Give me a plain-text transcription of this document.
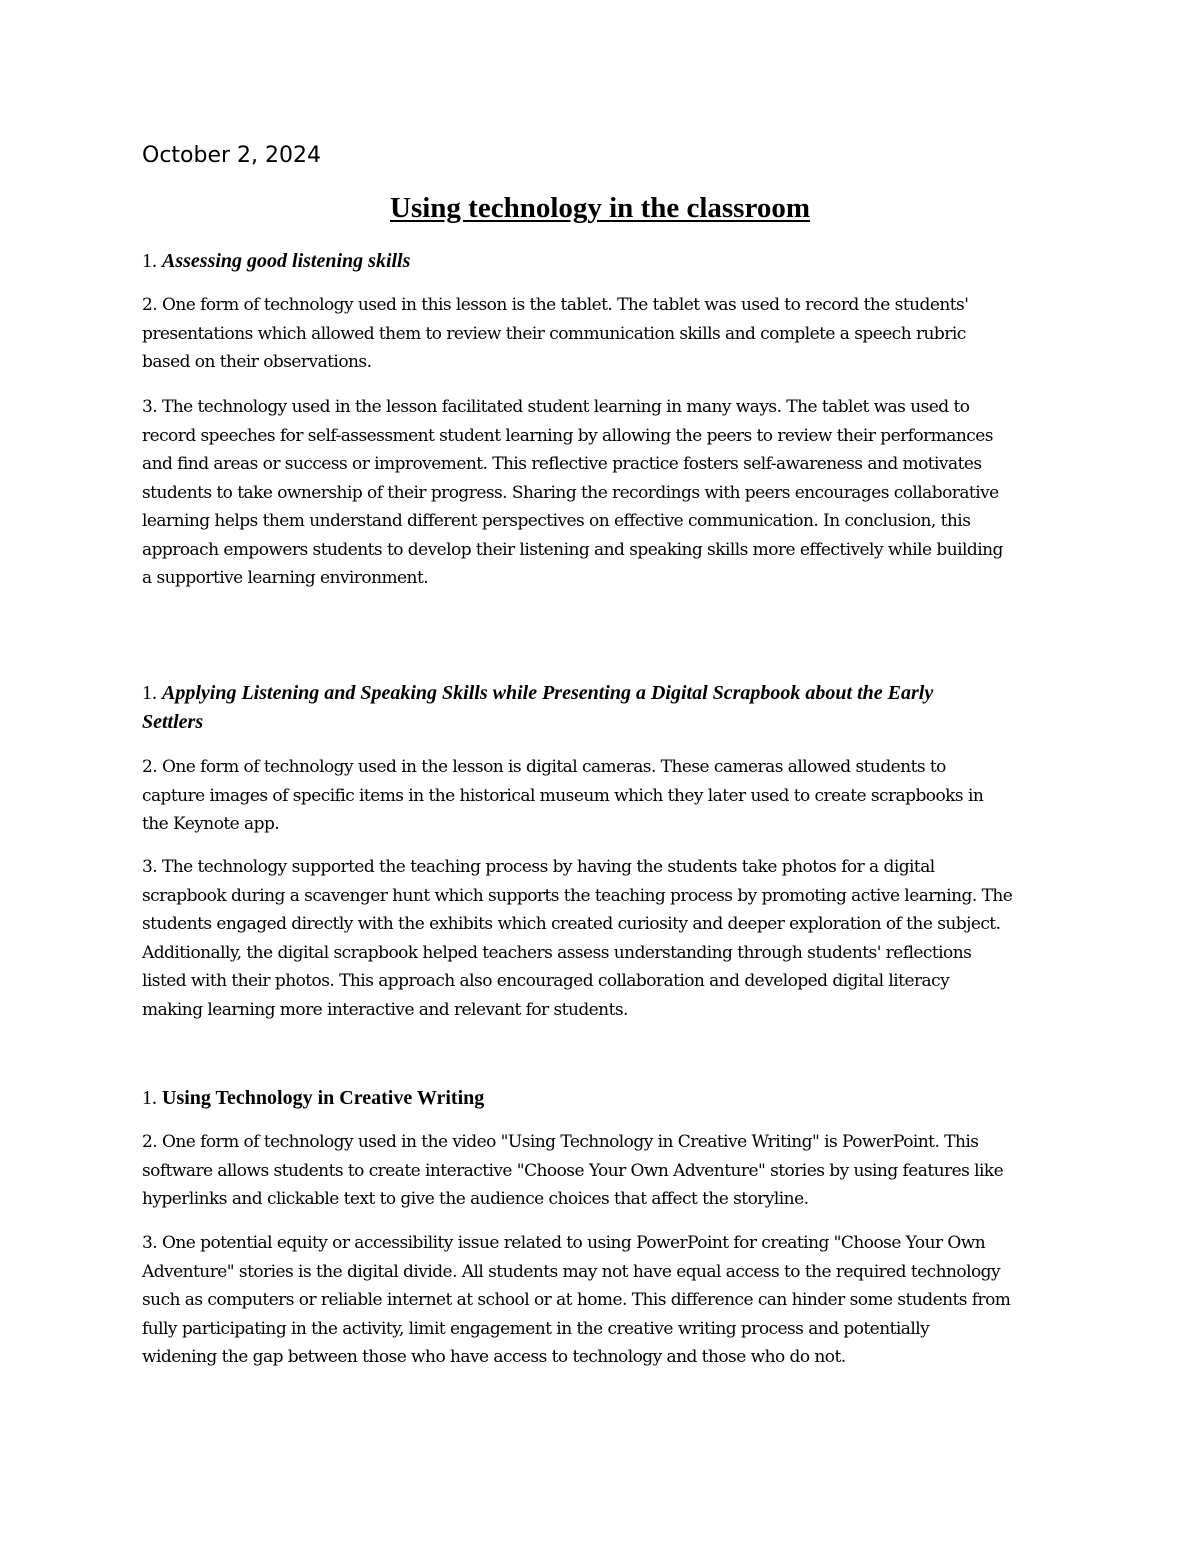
October 2, 2024

Using technology in the classroom
1. Assessing good listening skills
2. One form of technology used in this lesson is the tablet. The tablet was used to record the students'
presentations which allowed them to review their communication skills and complete a speech rubric
based on their observations.
3. The technology used in the lesson facilitated student learning in many ways. The tablet was used to
record speeches for self-assessment student learning by allowing the peers to review their performances
and find areas or success or improvement. This reflective practice fosters self-awareness and motivates
students to take ownership of their progress. Sharing the recordings with peers encourages collaborative
learning helps them understand different perspectives on effective communication. In conclusion, this
approach empowers students to develop their listening and speaking skills more effectively while building
a supportive learning environment.
1. Applying Listening and Speaking Skills while Presenting a Digital Scrapbook about the Early
Settlers
2. One form of technology used in the lesson is digital cameras. These cameras allowed students to
capture images of specific items in the historical museum which they later used to create scrapbooks in
the Keynote app.
3. The technology supported the teaching process by having the students take photos for a digital
scrapbook during a scavenger hunt which supports the teaching process by promoting active learning. The
students engaged directly with the exhibits which created curiosity and deeper exploration of the subject.
Additionally, the digital scrapbook helped teachers assess understanding through students' reflections
listed with their photos. This approach also encouraged collaboration and developed digital literacy
making learning more interactive and relevant for students.
1. Using Technology in Creative Writing
2. One form of technology used in the video "Using Technology in Creative Writing" is PowerPoint. This
software allows students to create interactive "Choose Your Own Adventure" stories by using features like
hyperlinks and clickable text to give the audience choices that affect the storyline.
3. One potential equity or accessibility issue related to using PowerPoint for creating "Choose Your Own
Adventure" stories is the digital divide. All students may not have equal access to the required technology
such as computers or reliable internet at school or at home. This difference can hinder some students from
fully participating in the activity, limit engagement in the creative writing process and potentially
widening the gap between those who have access to technology and those who do not.
